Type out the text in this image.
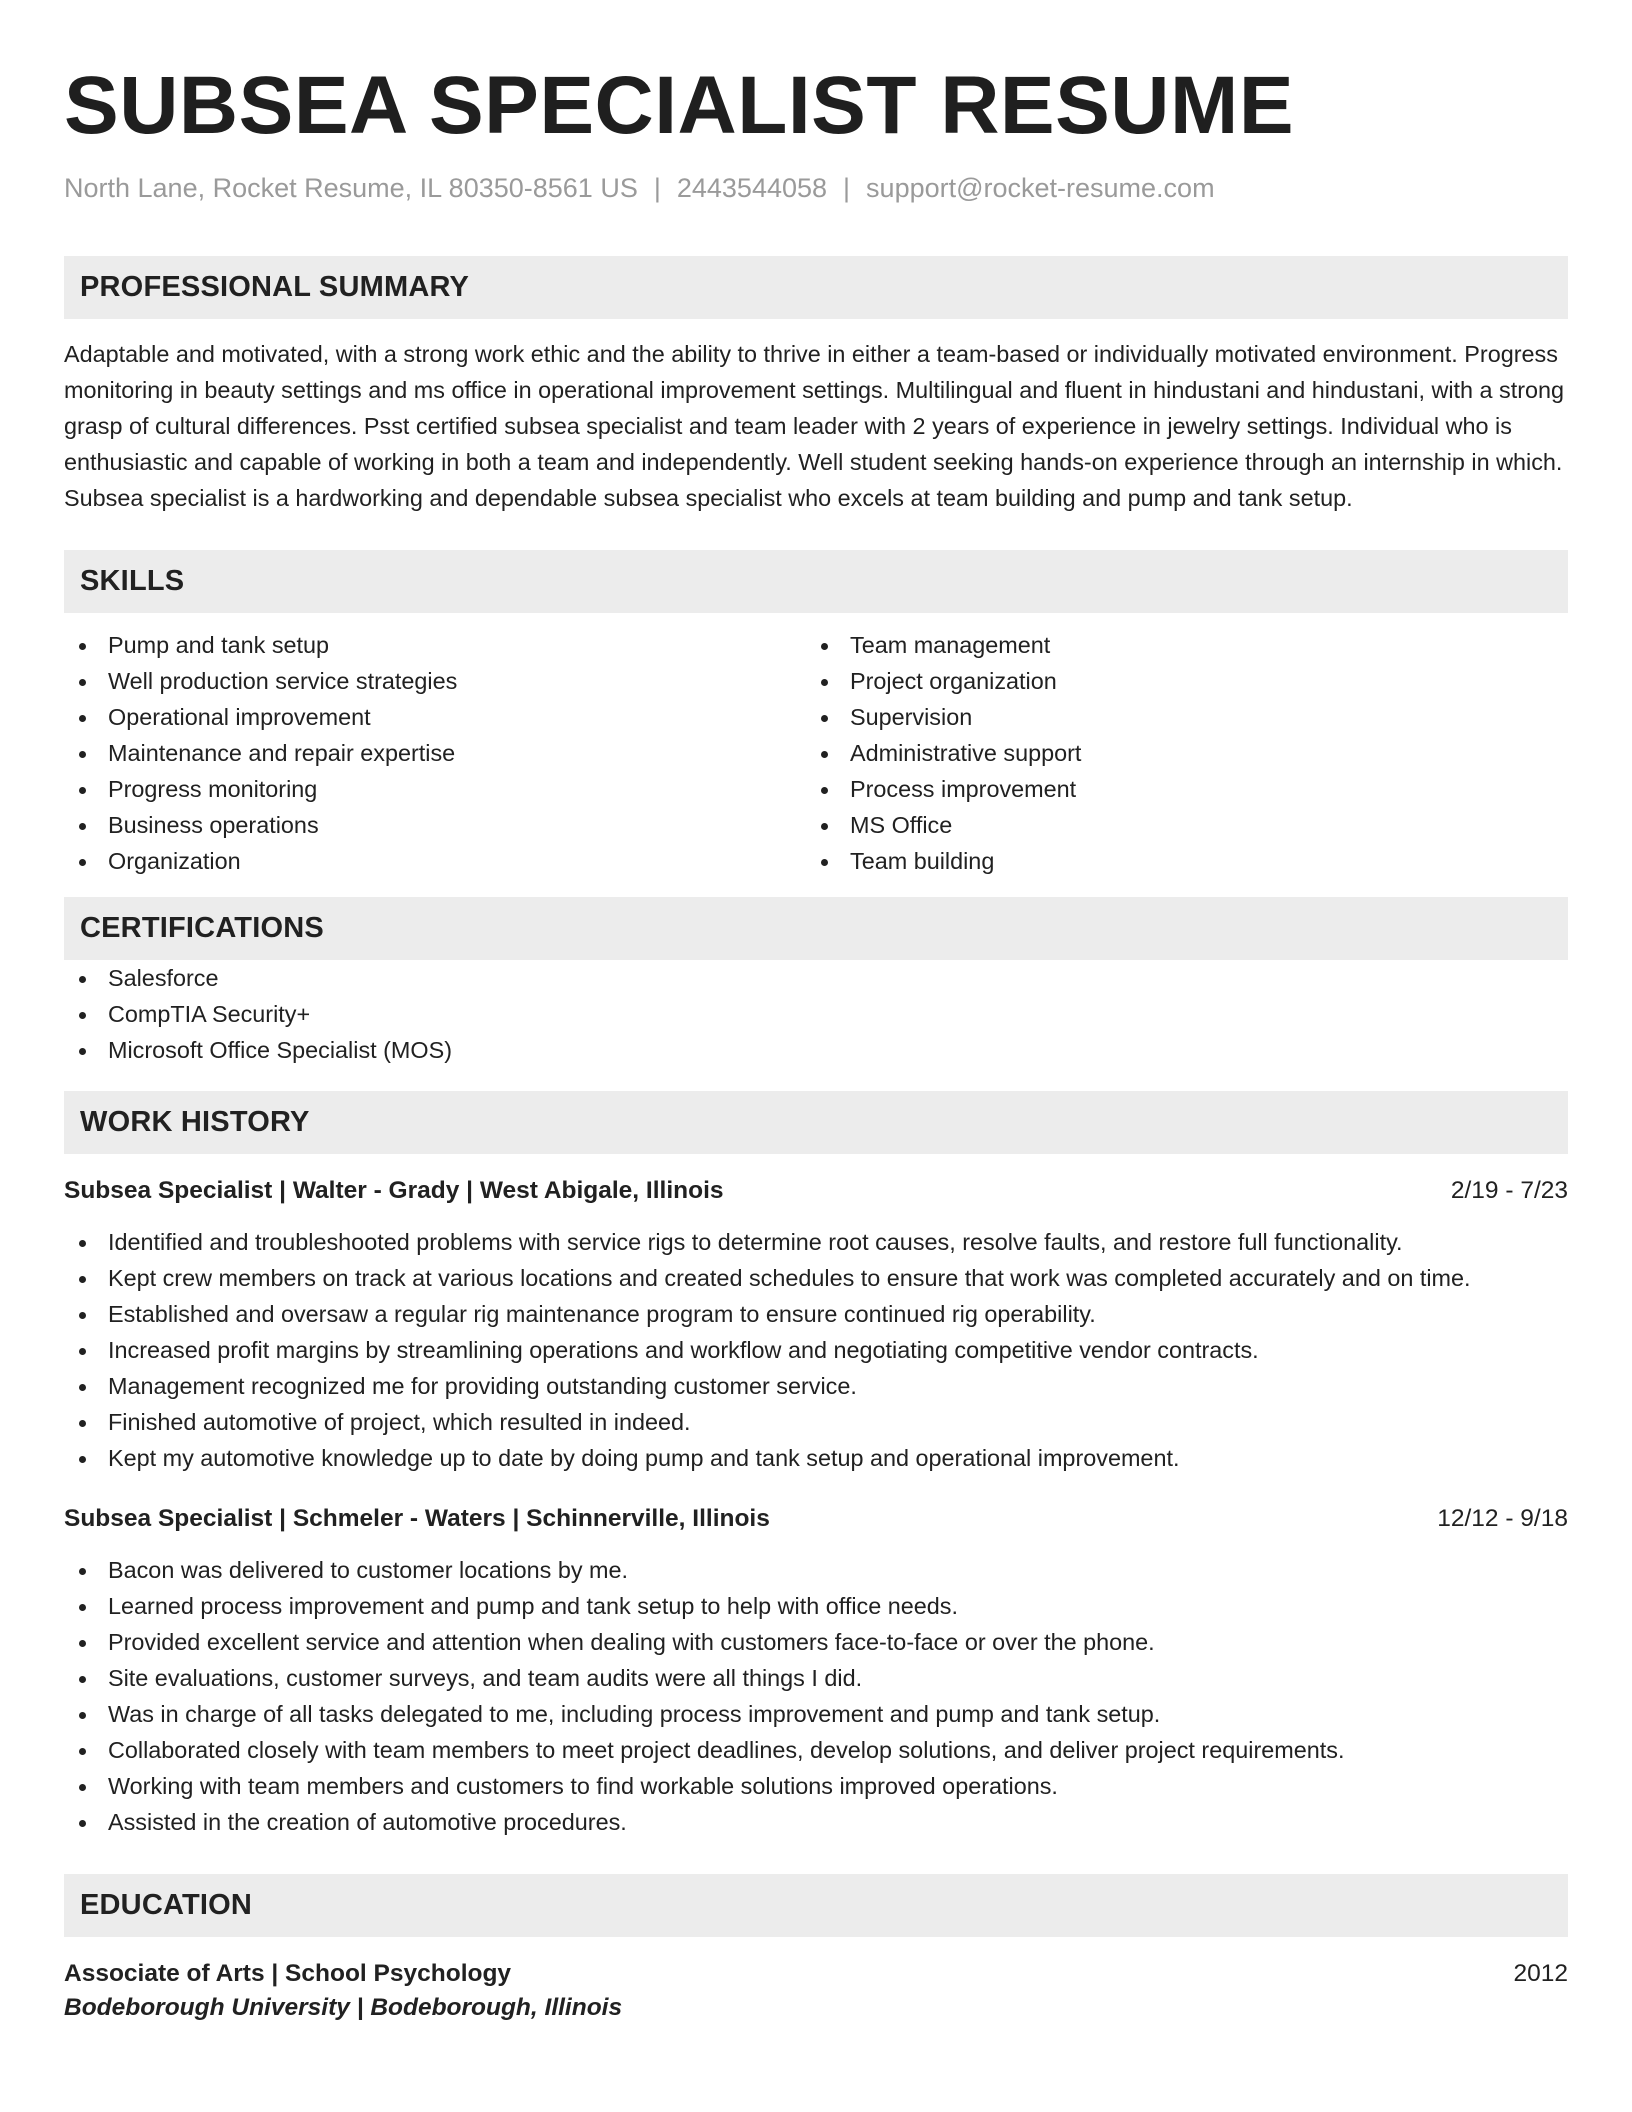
SUBSEA SPECIALIST RESUME
North Lane, Rocket Resume, IL 80350-8561 US | 2443544058 | support@rocket-resume.com
PROFESSIONAL SUMMARY

Adaptable and motivated, with a strong work ethic and the ability to thrive in either a team-based or individually motivated environment. Progress monitoring in beauty settings and ms office in operational improvement settings. Multilingual and fluent in hindustani and hindustani, with a strong grasp of cultural differences. Psst certified subsea specialist and team leader with 2 years of experience in jewelry settings. Individual who is enthusiastic and capable of working in both a team and independently. Well student seeking hands-on experience through an internship in which. Subsea specialist is a hardworking and dependable subsea specialist who excels at team building and pump and tank setup.

SKILLS
Pump and tank setup
Well production service strategies
Operational improvement
Maintenance and repair expertise
Progress monitoring
Business operations
Organization
Team management
Project organization
Supervision
Administrative support
Process improvement
MS Office
Team building
CERTIFICATIONS
Salesforce
CompTIA Security+
Microsoft Office Specialist (MOS)
WORK HISTORY
Subsea Specialist | Walter - Grady | West Abigale, Illinois	2/19 - 7/23
Identified and troubleshooted problems with service rigs to determine root causes, resolve faults, and restore full functionality.
Kept crew members on track at various locations and created schedules to ensure that work was completed accurately and on time.
Established and oversaw a regular rig maintenance program to ensure continued rig operability.
Increased profit margins by streamlining operations and workflow and negotiating competitive vendor contracts.
Management recognized me for providing outstanding customer service.
Finished automotive of project, which resulted in indeed.
Kept my automotive knowledge up to date by doing pump and tank setup and operational improvement.
Subsea Specialist | Schmeler - Waters | Schinnerville, Illinois	12/12 - 9/18
Bacon was delivered to customer locations by me.
Learned process improvement and pump and tank setup to help with office needs.
Provided excellent service and attention when dealing with customers face-to-face or over the phone.
Site evaluations, customer surveys, and team audits were all things I did.
Was in charge of all tasks delegated to me, including process improvement and pump and tank setup.
Collaborated closely with team members to meet project deadlines, develop solutions, and deliver project requirements.
Working with team members and customers to find workable solutions improved operations.
Assisted in the creation of automotive procedures.
EDUCATION
Associate of Arts | School Psychology	2012
Bodeborough University | Bodeborough, Illinois
